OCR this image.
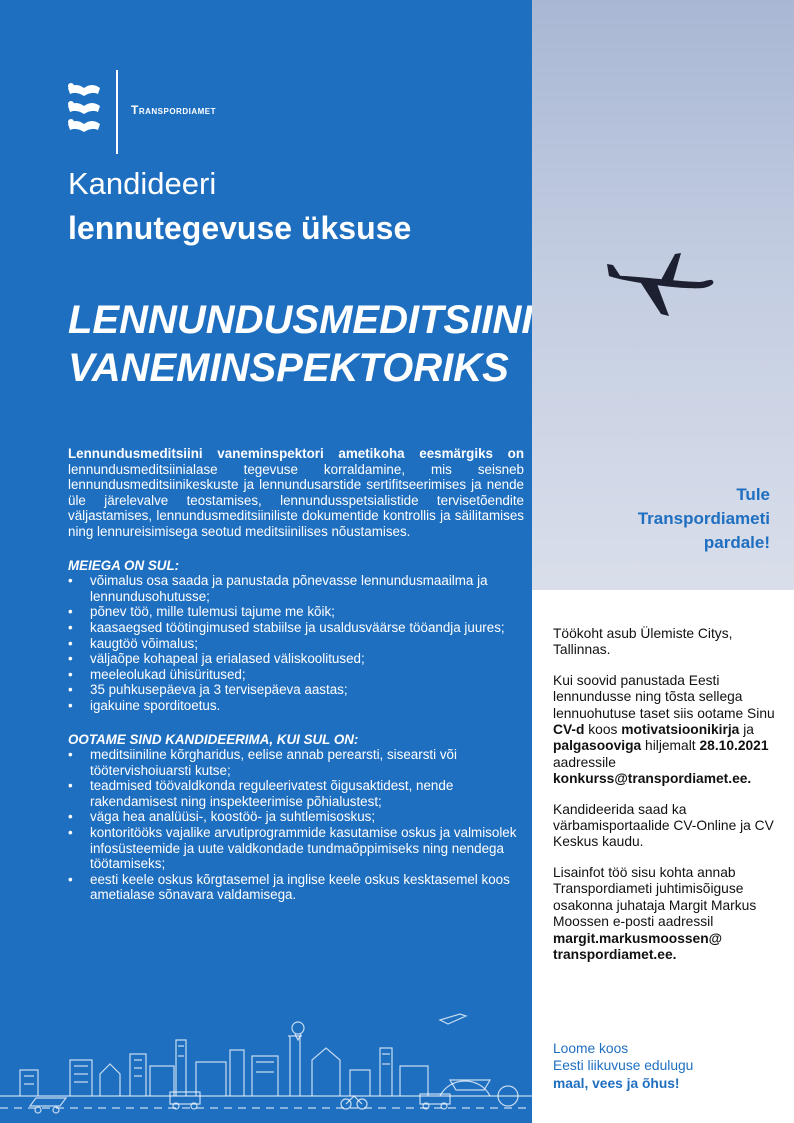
Transpordiamet
Kandideeri
lennutegevuse üksuse
LENNUNDUSMEDITSIINI
VANEMINSPEKTORIKS

Lennundusmeditsiini vaneminspektori ametikoha eesmärgiks on lennundusmeditsiinialase tegevuse korraldamine, mis seisneb lennundusmeditsiinikeskuste ja lennundusarstide sertifitseerimises ja nende üle järelevalve teostamises, lennundusspetsialistide tervisetõendite väljastamises, lennundusmeditsiiniliste dokumentide kontrollis ja säilitamises ning lennureisimisega seotud meditsiinilises nõustamises.

MEIEGA ON SUL:

• võimalus osa saada ja panustada põnevasse lennundusmaailma ja lennundusohutusse;
• põnev töö, mille tulemusi tajume me kõik;
• kaasaegsed töötingimused stabiilse ja usaldusväärse tööandja juures;
• kaugtöö võimalus;
• väljaõpe kohapeal ja erialased väliskoolitused;
• meeleolukad ühisüritused;
• 35 puhkusepäeva ja 3 tervisepäeva aastas;
• igakuine sporditoetus.

OOTAME SIND KANDIDEERIMA, KUI SUL ON:

• meditsiiniline kõrgharidus, eelise annab perearsti, sisearsti või töötervishoiuarsti kutse;
• teadmised töövaldkonda reguleerivatest õigusaktidest, nende rakendamisest ning inspekteerimise põhialustest;
• väga hea analüüsi-, koostöö- ja suhtlemisoskus;
• kontoritööks vajalike arvutiprogrammide kasutamise oskus ja valmisolek infosüsteemide ja uute valdkondade tundmaõppimiseks ning nendega töötamiseks;
• eesti keele oskus kõrgtasemel ja inglise keele oskus kesktasemel koos ametialase sõnavara valdamisega.
Tule
Transpordiameti
pardale!

Töökoht asub Ülemiste Citys, Tallinnas.

Kui soovid panustada Eesti lennundusse ning tõsta sellega lennuohutuse taset siis ootame Sinu CV-d koos motivatsioonikirja ja palgasooviga hiljemalt 28.10.2021 aadressile konkurss@transpordiamet.ee.

Kandideerida saad ka värbamisportaalide CV-Online ja CV Keskus kaudu.

Lisainfot töö sisu kohta annab Transpordiameti juhtimisõiguse osakonna juhataja Margit Markus Moossen e-posti aadressil margit.markusmoossen@
transpordiamet.ee.

Loome koos
Eesti liikuvuse edulugu
maal, vees ja õhus!
